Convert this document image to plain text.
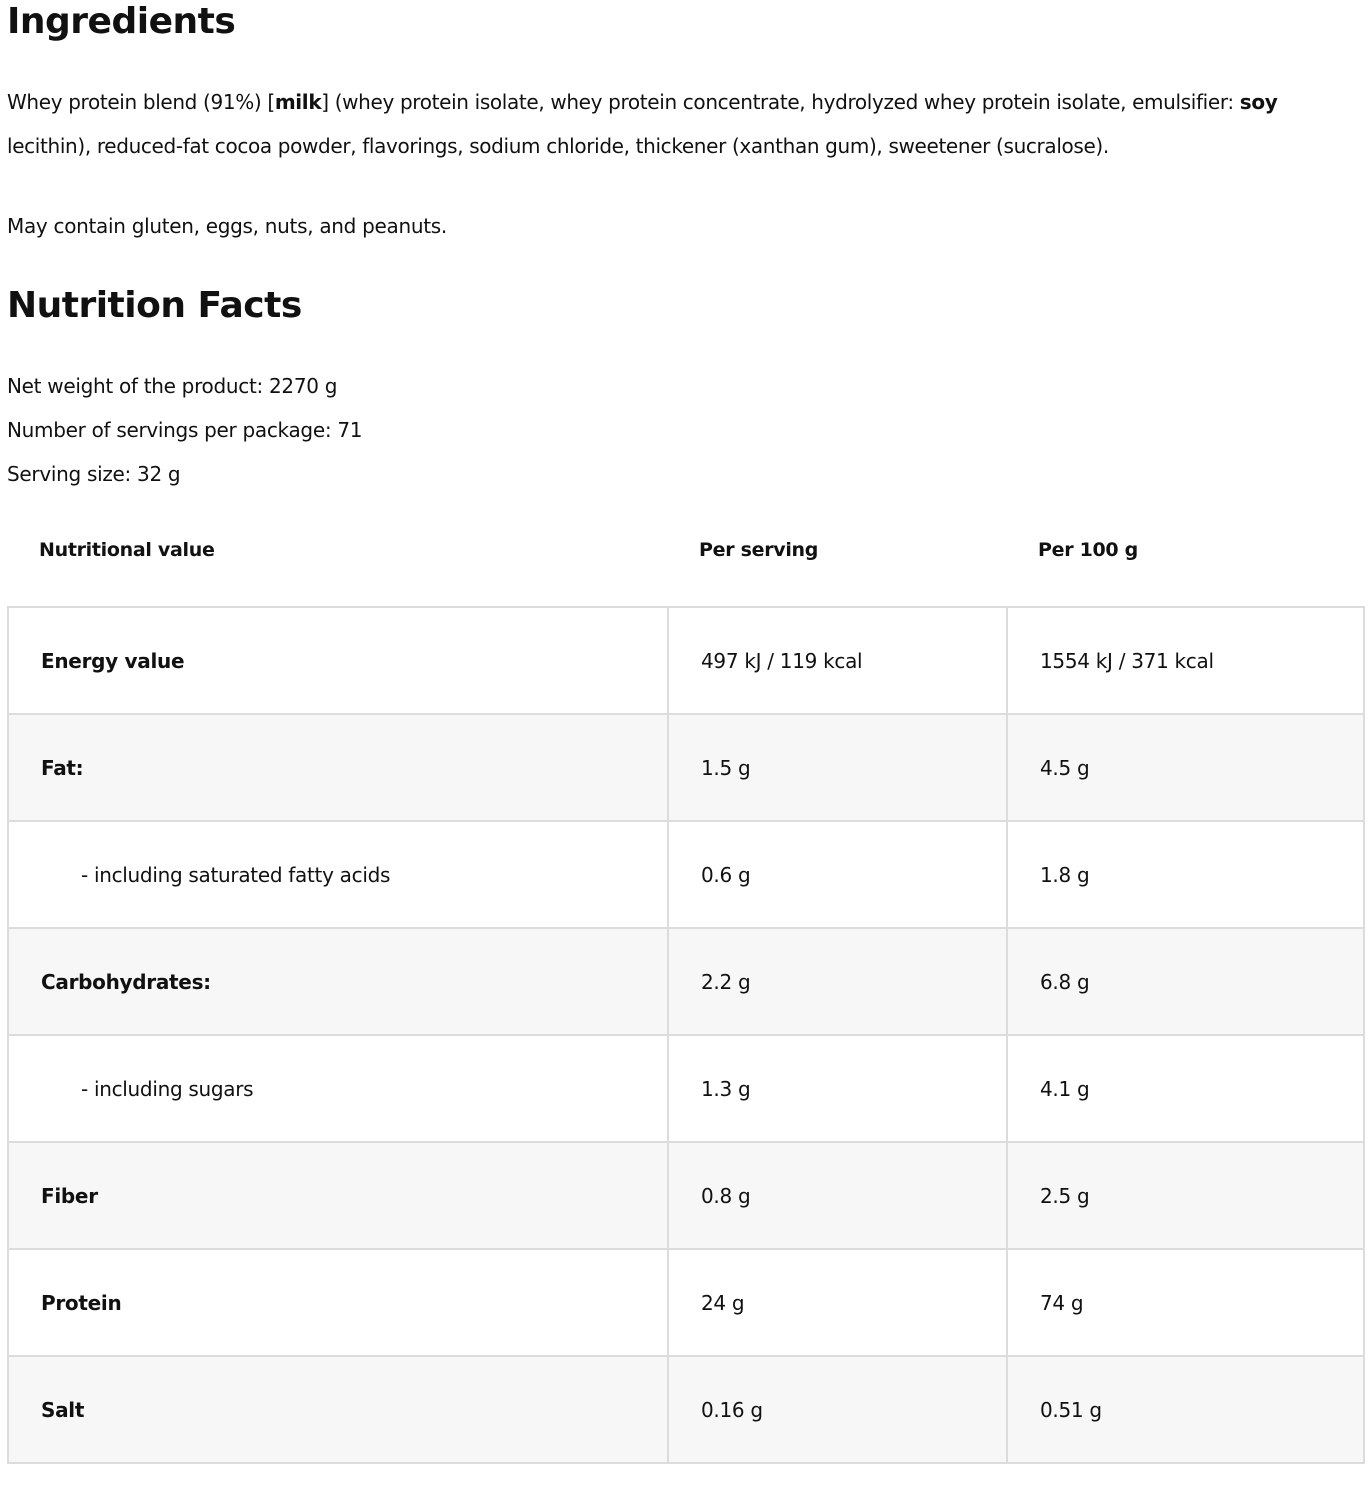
Ingredients

Whey protein blend (91%) [milk] (whey protein isolate, whey protein concentrate, hydrolyzed whey protein isolate, emulsifier: soy lecithin), reduced-fat cocoa powder, flavorings, sodium chloride, thickener (xanthan gum), sweetener (sucralose).

May contain gluten, eggs, nuts, and peanuts.

Nutrition Facts

Net weight of the product: 2270 g

Number of servings per package: 71

Serving size: 32 g

Nutritional value	Per serving	Per 100 g
Energy value	497 kJ / 119 kcal	1554 kJ / 371 kcal
Fat:	1.5 g	4.5 g
- including saturated fatty acids	0.6 g	1.8 g
Carbohydrates:	2.2 g	6.8 g
- including sugars	1.3 g	4.1 g
Fiber	0.8 g	2.5 g
Protein	24 g	74 g
Salt	0.16 g	0.51 g
